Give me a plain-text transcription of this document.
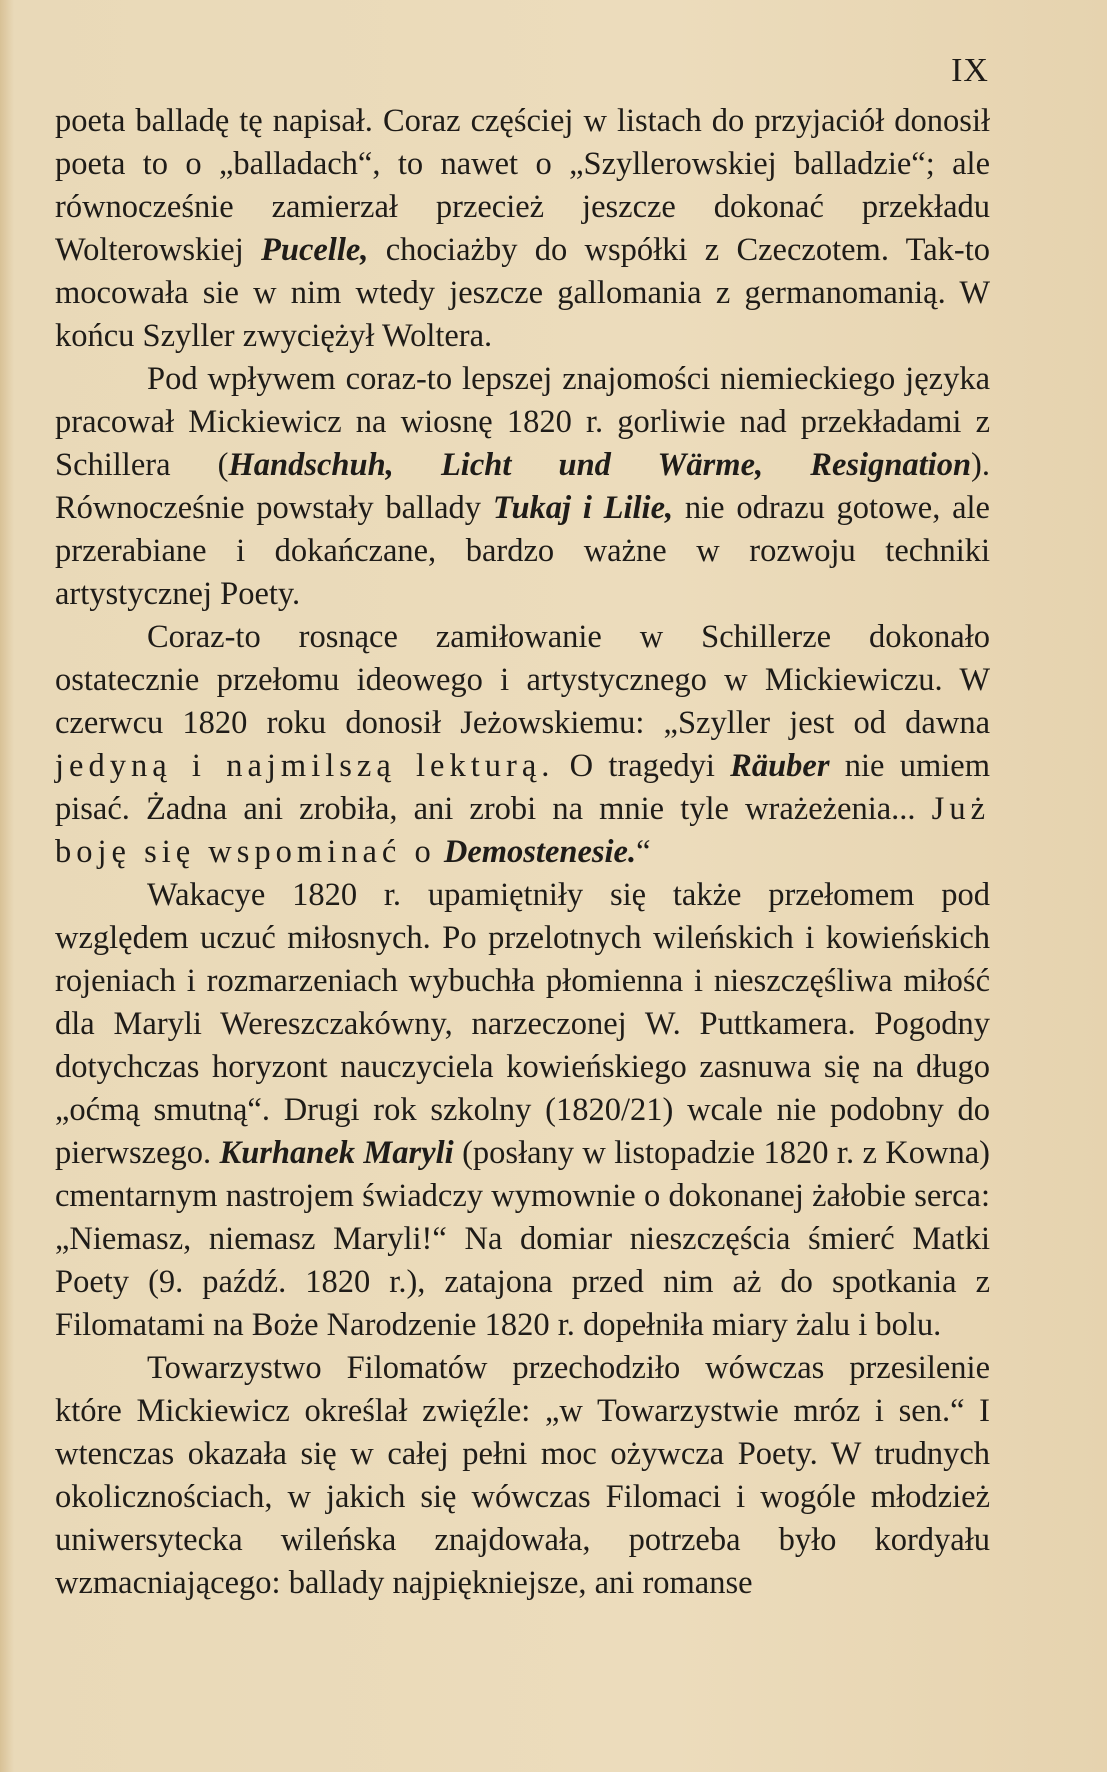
IX

poeta balladę tę napisał. Coraz częściej w listach do przyjaciół donosił poeta to o „balladach“, to nawet o „Szyllerowskiej balladzie“; ale równocześnie zamierzał przecież jeszcze dokonać przekładu Wolterowskiej Pucelle, chociażby do współki z Czeczotem. Tak-to mocowała sie w nim wtedy jeszcze gallomania z germanomanią. W końcu Szyller zwyciężył Woltera.

Pod wpływem coraz-to lepszej znajomości niemieckiego języka pracował Mickiewicz na wiosnę 1820 r. gorliwie nad przekładami z Schillera (Handschuh, Licht und Wärme, Resignation). Równocześnie powstały ballady Tukaj i Lilie, nie odrazu gotowe, ale przerabiane i dokańczane, bardzo ważne w rozwoju techniki artystycznej Poety.

Coraz-to rosnące zamiłowanie w Schillerze dokonało ostatecznie przełomu ideowego i artystycznego w Mickiewiczu. W czerwcu 1820 roku donosił Jeżowskiemu: „Szyller jest od dawna jedyną i najmilszą lekturą. O tragedyi Räuber nie umiem pisać. Żadna ani zrobiła, ani zrobi na mnie tyle wrażeżenia... Już boję się wspominać o Demostenesie.“

Wakacye 1820 r. upamiętniły się także przełomem pod względem uczuć miłosnych. Po przelotnych wileńskich i kowieńskich rojeniach i rozmarzeniach wybuchła płomienna i nieszczęśliwa miłość dla Maryli Wereszczakówny, narzeczonej W. Puttkamera. Pogodny dotychczas horyzont nauczyciela kowieńskiego zasnuwa się na długo „oćmą smutną“. Drugi rok szkolny (1820/21) wcale nie podobny do pierwszego. Kurhanek Maryli (posłany w listopadzie 1820 r. z Kowna) cmentarnym nastrojem świadczy wymownie o dokonanej żałobie serca: „Niemasz, niemasz Maryli!“ Na domiar nieszczęścia śmierć Matki Poety (9. paźdź. 1820 r.), zatajona przed nim aż do spotkania z Filomatami na Boże Narodzenie 1820 r. dopełniła miary żalu i bolu.

Towarzystwo Filomatów przechodziło wówczas przesilenie które Mickiewicz określał zwięźle: „w Towarzystwie mróz i sen.“ I wtenczas okazała się w całej pełni moc ożywcza Poety. W trudnych okolicznościach, w jakich się wówczas Filomaci i wogóle młodzież uniwersytecka wileńska znajdowała, potrzeba było kordyału wzmacniającego: ballady najpiękniejsze, ani romanse
